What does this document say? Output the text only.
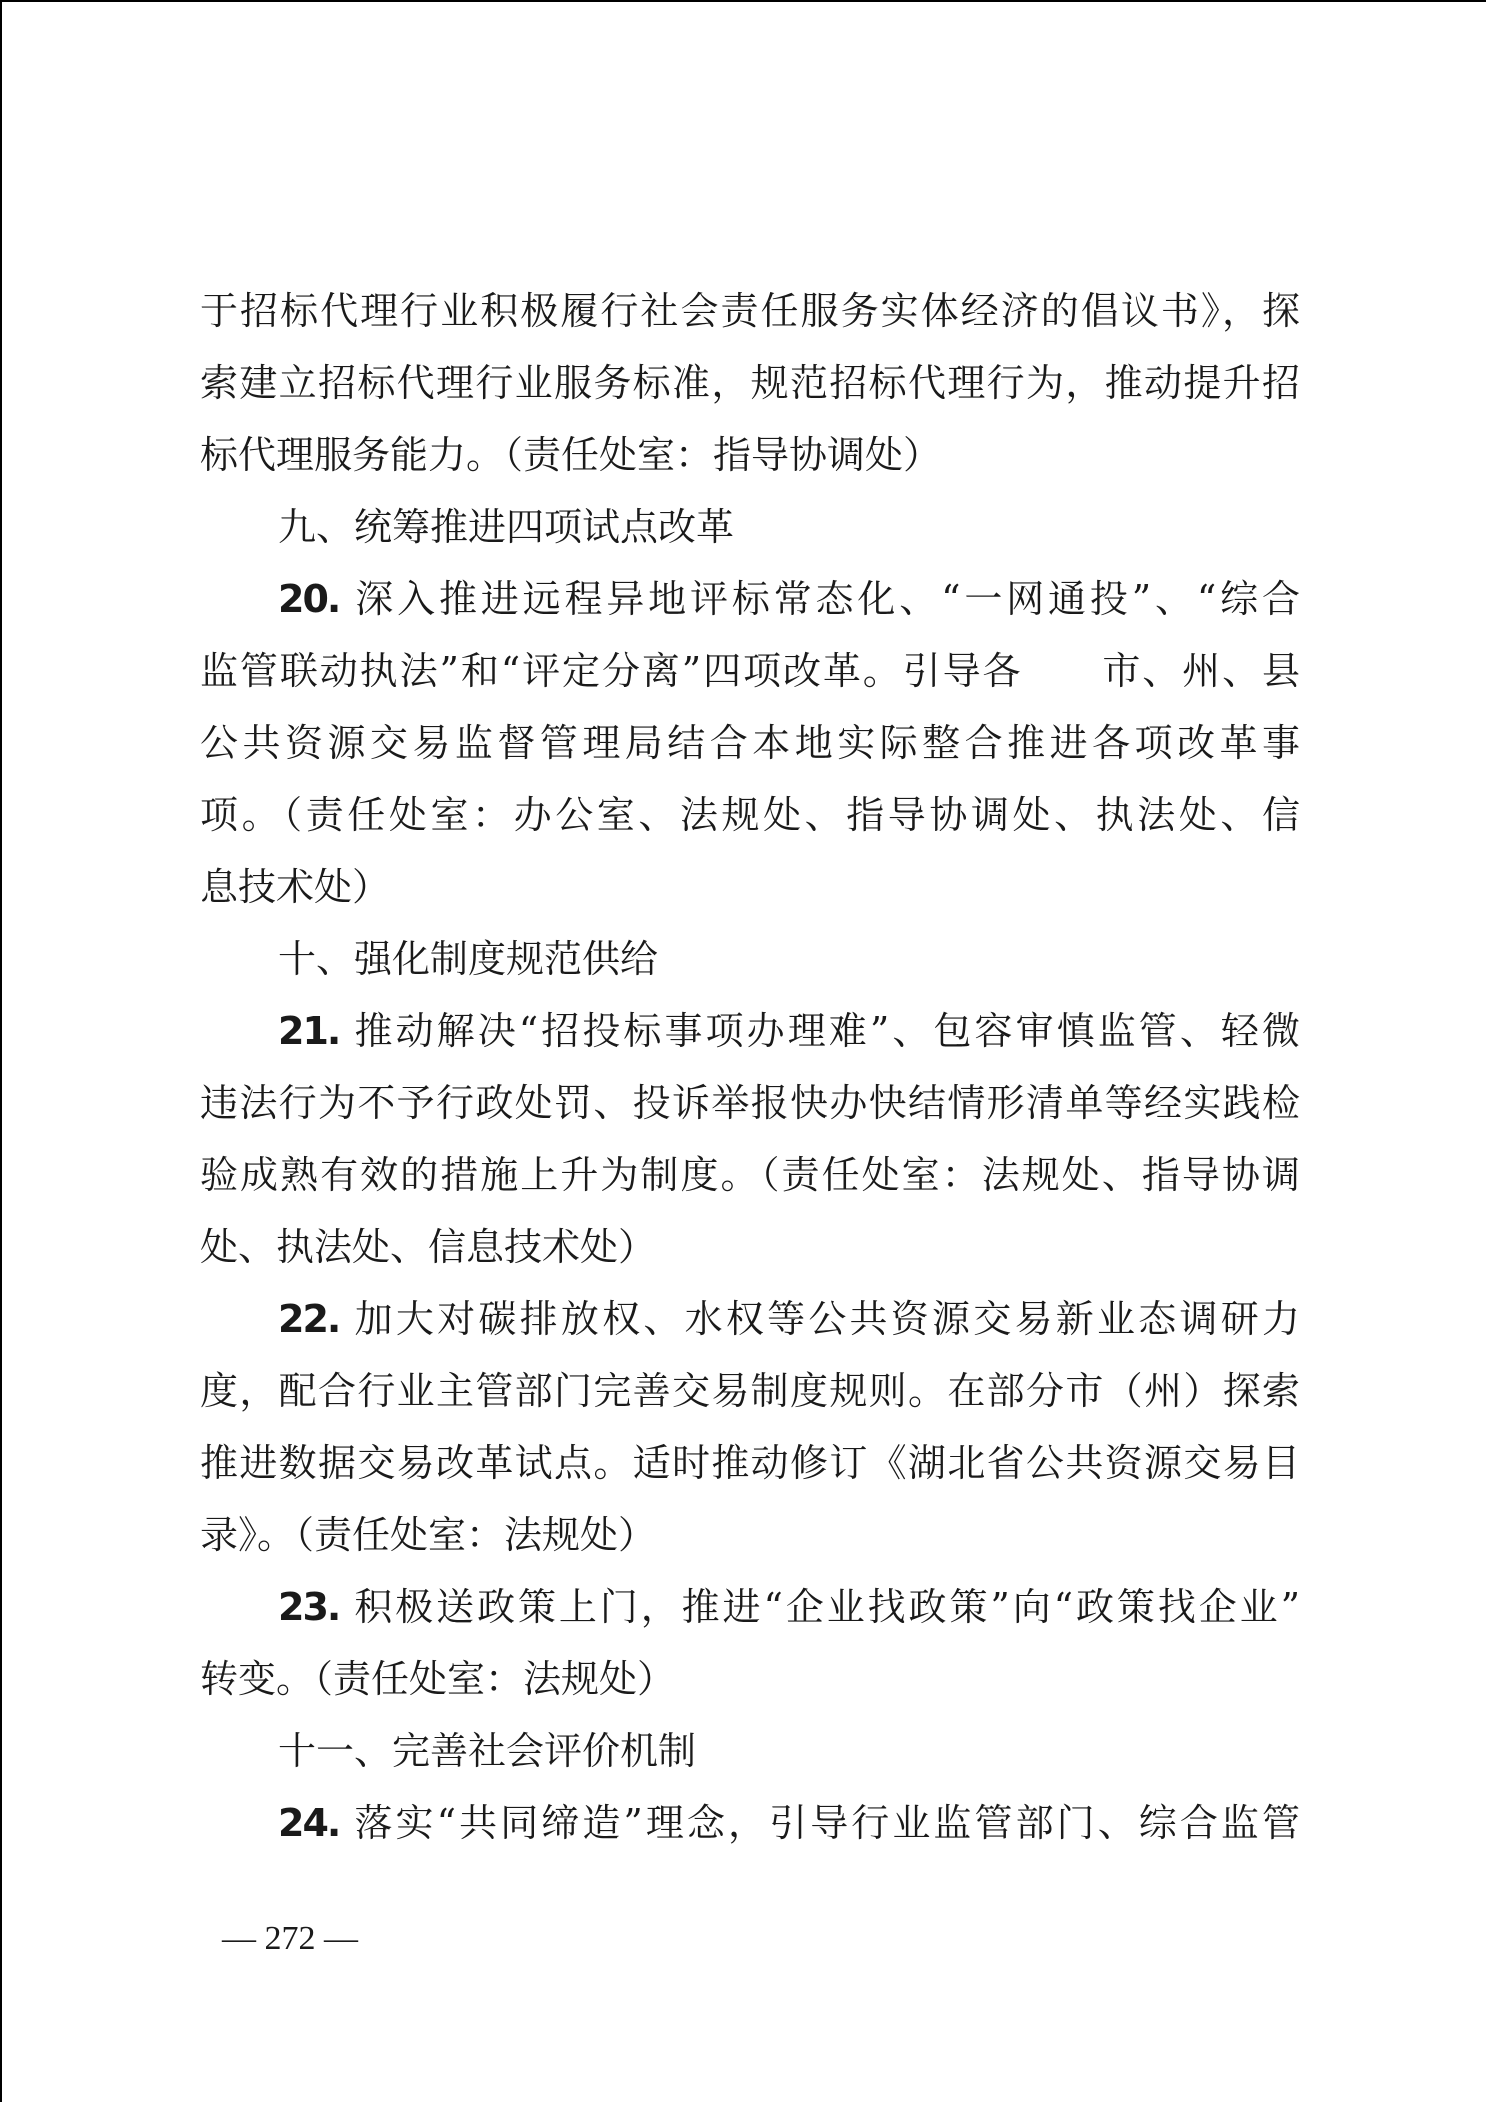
于招标代理行业积极履行社会责任服务实体经济的倡议书》，探
索建立招标代理行业服务标准，规范招标代理行为，推动提升招
标代理服务能力。（责任处室：指导协调处）
九、统筹推进四项试点改革
20. 深入推进远程异地评标常态化、“一网通投”、“综合
监管联动执法”和“评定分离”四项改革。引导各　　市、州、县
公共资源交易监督管理局结合本地实际整合推进各项改革事
项。（责任处室：办公室、法规处、指导协调处、执法处、信
息技术处）
十、强化制度规范供给
21. 推动解决“招投标事项办理难”、包容审慎监管、轻微
违法行为不予行政处罚、投诉举报快办快结情形清单等经实践检
验成熟有效的措施上升为制度。（责任处室：法规处、指导协调
处、执法处、信息技术处）
22. 加大对碳排放权、水权等公共资源交易新业态调研力
度，配合行业主管部门完善交易制度规则。在部分市（州）探索
推进数据交易改革试点。适时推动修订《湖北省公共资源交易目
录》。（责任处室：法规处）
23. 积极送政策上门，推进“企业找政策”向“政策找企业”
转变。（责任处室：法规处）
十一、完善社会评价机制
24. 落实“共同缔造”理念，引导行业监管部门、综合监管
— 272 —
